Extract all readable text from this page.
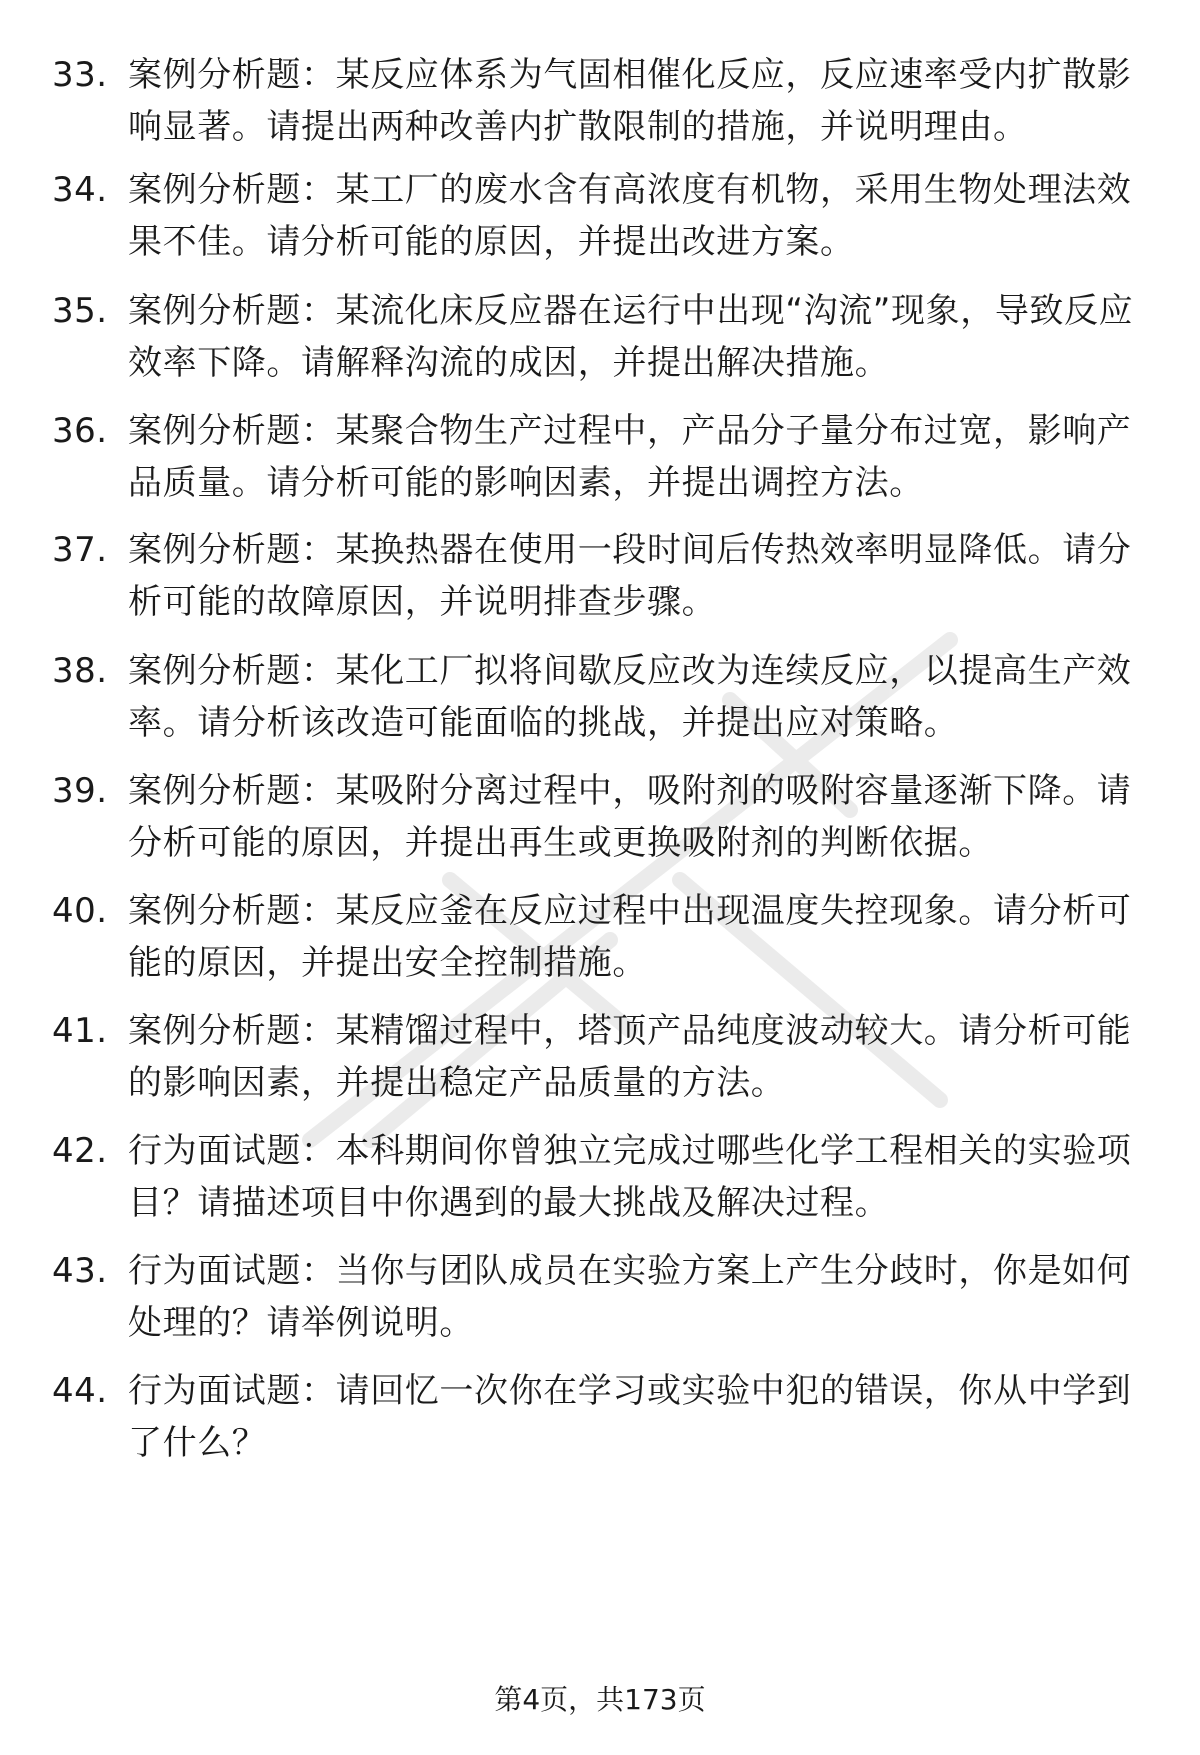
33. 案例分析题：某反应体系为气固相催化反应，反应速率受内扩散影响显著。请提出两种改善内扩散限制的措施，并说明理由。
34. 案例分析题：某工厂的废水含有高浓度有机物，采用生物处理法效果不佳。请分析可能的原因，并提出改进方案。
35. 案例分析题：某流化床反应器在运行中出现“沟流”现象，导致反应效率下降。请解释沟流的成因，并提出解决措施。
36. 案例分析题：某聚合物生产过程中，产品分子量分布过宽，影响产品质量。请分析可能的影响因素，并提出调控方法。
37. 案例分析题：某换热器在使用一段时间后传热效率明显降低。请分析可能的故障原因，并说明排查步骤。
38. 案例分析题：某化工厂拟将间歇反应改为连续反应，以提高生产效率。请分析该改造可能面临的挑战，并提出应对策略。
39. 案例分析题：某吸附分离过程中，吸附剂的吸附容量逐渐下降。请分析可能的原因，并提出再生或更换吸附剂的判断依据。
40. 案例分析题：某反应釜在反应过程中出现温度失控现象。请分析可能的原因，并提出安全控制措施。
41. 案例分析题：某精馏过程中，塔顶产品纯度波动较大。请分析可能的影响因素，并提出稳定产品质量的方法。
42. 行为面试题：本科期间你曾独立完成过哪些化学工程相关的实验项目？请描述项目中你遇到的最大挑战及解决过程。
43. 行为面试题：当你与团队成员在实验方案上产生分歧时，你是如何处理的？请举例说明。
44. 行为面试题：请回忆一次你在学习或实验中犯的错误，你从中学到了什么？
第4页，共173页
